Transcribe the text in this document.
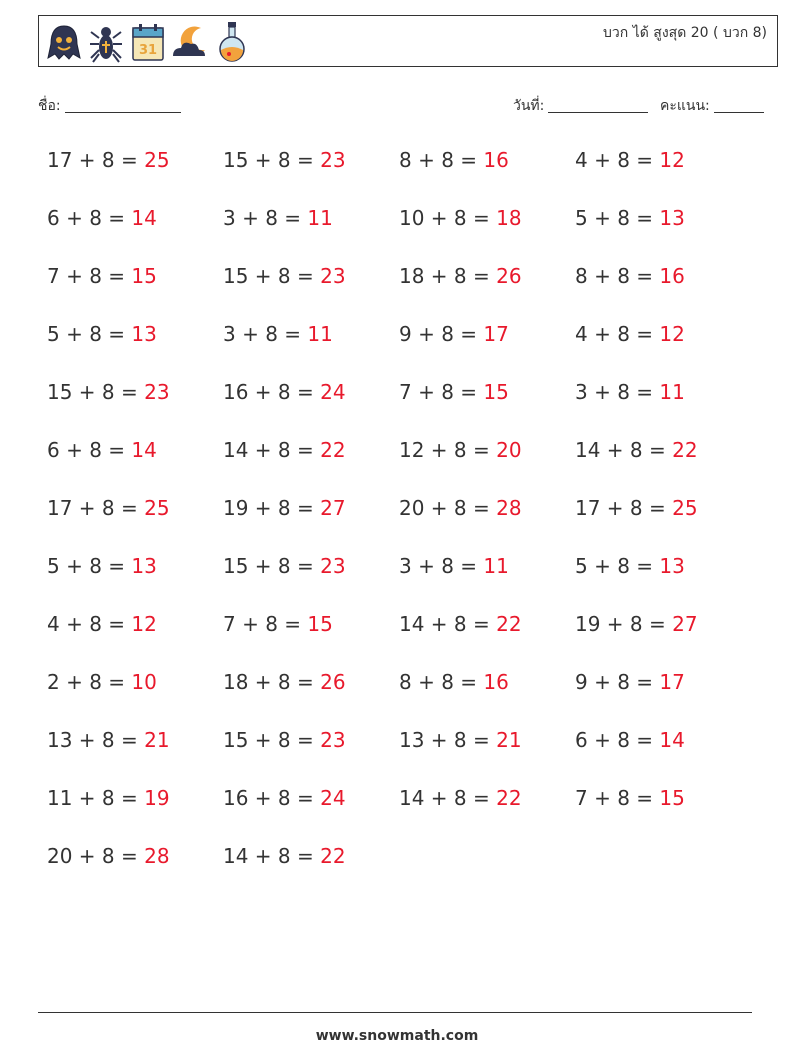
31
บวก ได้ สูงสุด 20 ( บวก 8)
ชื่อ:	วันที่:	คะแนน:
17 + 8 = 25	15 + 8 = 23	8 + 8 = 16	4 + 8 = 12
6 + 8 = 14	3 + 8 = 11	10 + 8 = 18	5 + 8 = 13
7 + 8 = 15	15 + 8 = 23	18 + 8 = 26	8 + 8 = 16
5 + 8 = 13	3 + 8 = 11	9 + 8 = 17	4 + 8 = 12
15 + 8 = 23	16 + 8 = 24	7 + 8 = 15	3 + 8 = 11
6 + 8 = 14	14 + 8 = 22	12 + 8 = 20	14 + 8 = 22
17 + 8 = 25	19 + 8 = 27	20 + 8 = 28	17 + 8 = 25
5 + 8 = 13	15 + 8 = 23	3 + 8 = 11	5 + 8 = 13
4 + 8 = 12	7 + 8 = 15	14 + 8 = 22	19 + 8 = 27
2 + 8 = 10	18 + 8 = 26	8 + 8 = 16	9 + 8 = 17
13 + 8 = 21	15 + 8 = 23	13 + 8 = 21	6 + 8 = 14
11 + 8 = 19	16 + 8 = 24	14 + 8 = 22	7 + 8 = 15
20 + 8 = 28	14 + 8 = 22
www.snowmath.com
